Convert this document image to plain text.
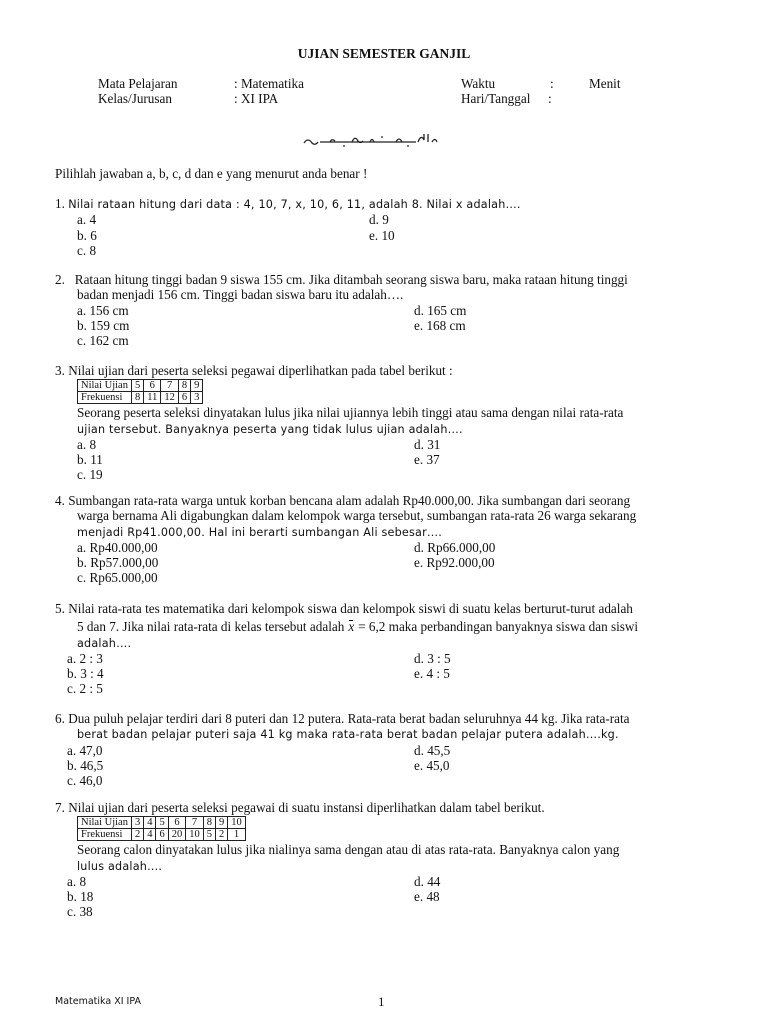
UJIAN SEMESTER GANJIL
Mata Pelajaran	: Matematika
Kelas/Jurusan	: XI IPA
Waktu	:	Menit
Hari/Tanggal :
Pilihlah jawaban a, b, c, d dan e yang menurut anda benar !
1. Nilai rataan hitung dari data : 4, 10, 7, x, 10, 6, 11, adalah 8. Nilai x adalah….
a. 4	d. 9
b. 6	e. 10
c. 8
2. Rataan hitung tinggi badan 9 siswa 155 cm. Jika ditambah seorang siswa baru, maka rataan hitung tinggi
badan menjadi 156 cm. Tinggi badan siswa baru itu adalah….
a. 156 cm	d. 165 cm
b. 159 cm	e. 168 cm
c. 162 cm
3. Nilai ujian dari peserta seleksi pegawai diperlihatkan pada tabel berikut :
Nilai Ujian	5	6	7	8	9
Frekuensi	8	11	12	6	3
Seorang peserta seleksi dinyatakan lulus jika nilai ujiannya lebih tinggi atau sama dengan nilai rata-rata
ujian tersebut. Banyaknya peserta yang tidak lulus ujian adalah….
a. 8	d. 31
b. 11	e. 37
c. 19
4. Sumbangan rata-rata warga untuk korban bencana alam adalah Rp40.000,00. Jika sumbangan dari seorang
warga bernama Ali digabungkan dalam kelompok warga tersebut, sumbangan rata-rata 26 warga sekarang
menjadi Rp41.000,00. Hal ini berarti sumbangan Ali sebesar….
a. Rp40.000,00	d. Rp66.000,00
b. Rp57.000,00	e. Rp92.000,00
c. Rp65.000,00
5. Nilai rata-rata tes matematika dari kelompok siswa dan kelompok siswi di suatu kelas berturut-turut adalah
5 dan 7. Jika nilai rata-rata di kelas tersebut adalah x = 6,2 maka perbandingan banyaknya siswa dan siswi
adalah….
a. 2 : 3	d. 3 : 5
b. 3 : 4	e. 4 : 5
c. 2 : 5
6. Dua puluh pelajar terdiri dari 8 puteri dan 12 putera. Rata-rata berat badan seluruhnya 44 kg. Jika rata-rata
berat badan pelajar puteri saja 41 kg maka rata-rata berat badan pelajar putera adalah….kg.
a. 47,0	d. 45,5
b. 46,5	e. 45,0
c. 46,0
7. Nilai ujian dari peserta seleksi pegawai di suatu instansi diperlihatkan dalam tabel berikut.
Nilai Ujian	3	4	5	6	7	8	9	10
Frekuensi	2	4	6	20	10	5	2	1
Seorang calon dinyatakan lulus jika nialinya sama dengan atau di atas rata-rata. Banyaknya calon yang
lulus adalah….
a. 8	d. 44
b. 18	e. 48
c. 38
Matematika XI IPA	1
